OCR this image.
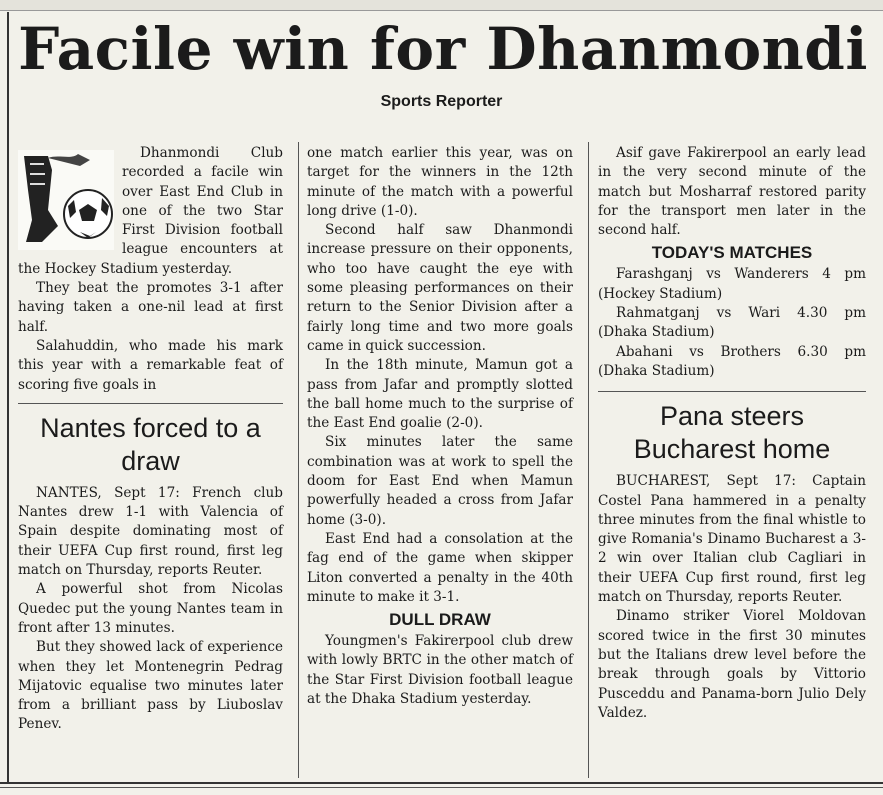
Facile win for Dhanmondi
Sports Reporter

Dhanmondi Club recorded a facile win over East End Club in one of the two Star First Division football league encounters at the Hockey Stadium yesterday.

They beat the promotes 3-1 after having taken a one-nil lead at first half.

Salahuddin, who made his mark this year with a remarkable feat of scoring five goals in

Nantes forced to a draw

NANTES, Sept 17: French club Nantes drew 1-1 with Valencia of Spain despite dominating most of their UEFA Cup first round, first leg match on Thursday, reports Reuter.

A powerful shot from Nicolas Quedec put the young Nantes team in front after 13 minutes.

But they showed lack of experience when they let Montenegrin Pedrag Mijatovic equalise two minutes later from a brilliant pass by Liuboslav Penev.

one match earlier this year, was on target for the winners in the 12th minute of the match with a powerful long drive (1-0).

Second half saw Dhanmondi increase pressure on their opponents, who too have caught the eye with some pleasing performances on their return to the Senior Division after a fairly long time and two more goals came in quick succession.

In the 18th minute, Mamun got a pass from Jafar and promptly slotted the ball home much to the surprise of the East End goalie (2-0).

Six minutes later the same combination was at work to spell the doom for East End when Mamun powerfully headed a cross from Jafar home (3-0).

East End had a consolation at the fag end of the game when skipper Liton converted a penalty in the 40th minute to make it 3-1.

DULL DRAW

Youngmen's Fakirerpool club drew with lowly BRTC in the other match of the Star First Division football league at the Dhaka Stadium yesterday.

Asif gave Fakirerpool an early lead in the very second minute of the match but Mosharraf restored parity for the transport men later in the second half.

TODAY'S MATCHES

Farashganj vs Wanderers 4 pm (Hockey Stadium)

Rahmatganj vs Wari 4.30 pm (Dhaka Stadium)

Abahani vs Brothers 6.30 pm (Dhaka Stadium)

Pana steers Bucharest home

BUCHAREST, Sept 17: Captain Costel Pana hammered in a penalty three minutes from the final whistle to give Romania's Dinamo Bucharest a 3-2 win over Italian club Cagliari in their UEFA Cup first round, first leg match on Thursday, reports Reuter.

Dinamo striker Viorel Moldovan scored twice in the first 30 minutes but the Italians drew level before the break through goals by Vittorio Pusceddu and Panama-born Julio Dely Valdez.
